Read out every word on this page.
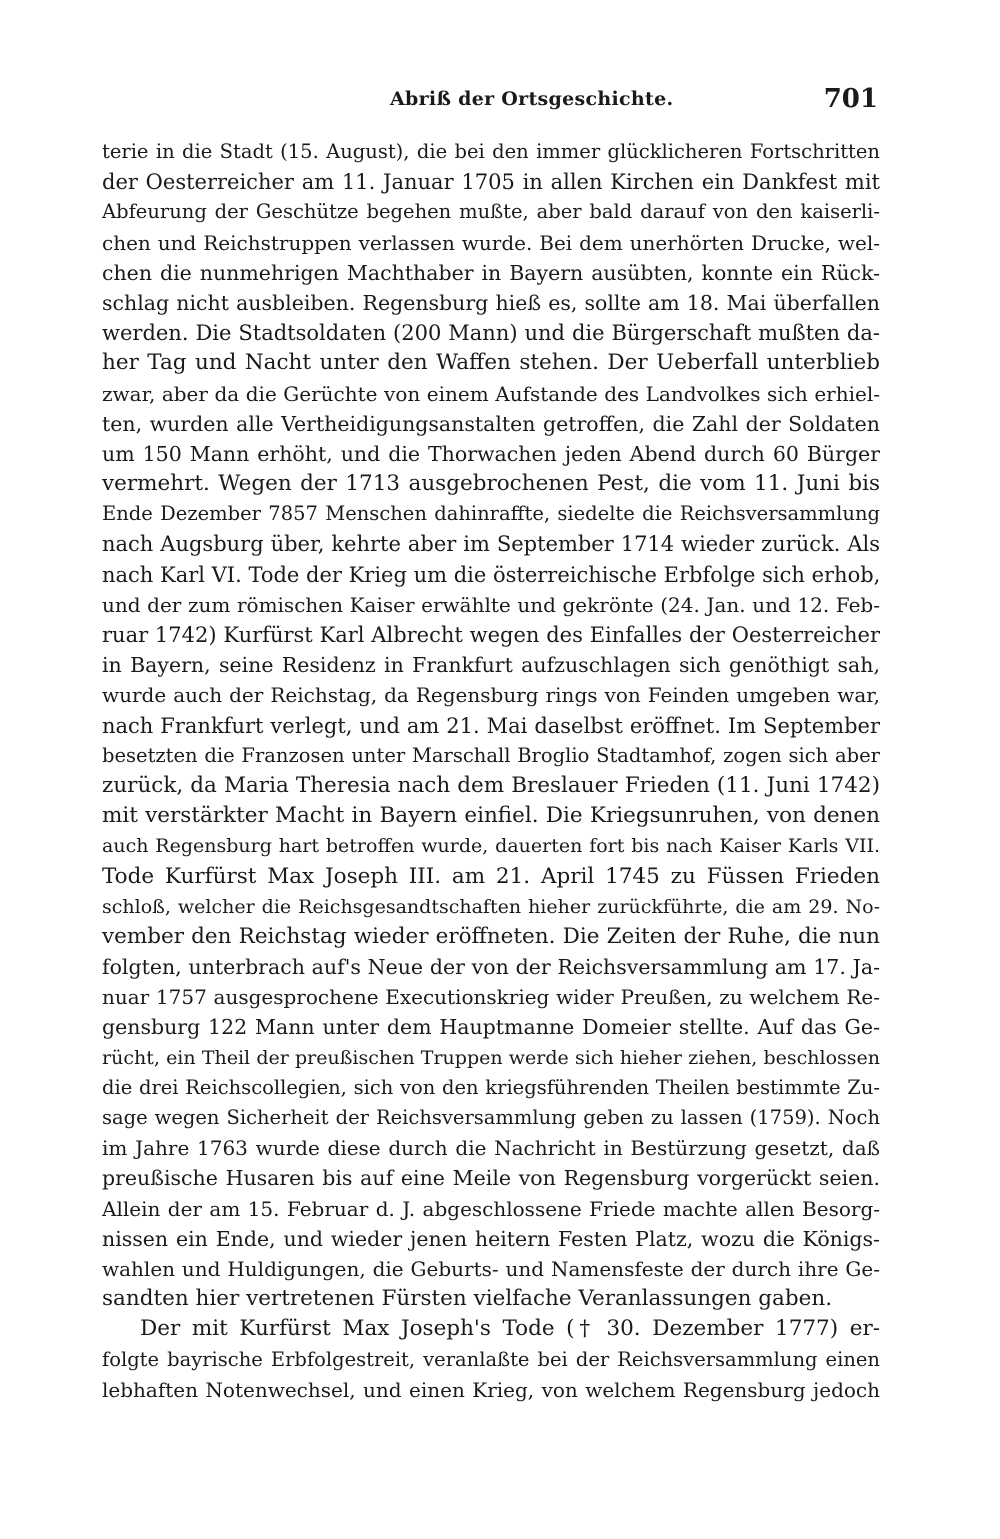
Abriß der Ortsgeschichte.	701
terie in die Stadt (15. August), die bei den immer glücklicheren Fortschritten
der Oesterreicher am 11. Januar 1705 in allen Kirchen ein Dankfest mit
Abfeurung der Geschütze begehen mußte, aber bald darauf von den kaiserli-
chen und Reichstruppen verlassen wurde. Bei dem unerhörten Drucke, wel-
chen die nunmehrigen Machthaber in Bayern ausübten, konnte ein Rück-
schlag nicht ausbleiben. Regensburg hieß es, sollte am 18. Mai überfallen
werden. Die Stadtsoldaten (200 Mann) und die Bürgerschaft mußten da-
her Tag und Nacht unter den Waffen stehen. Der Ueberfall unterblieb
zwar, aber da die Gerüchte von einem Aufstande des Landvolkes sich erhiel-
ten, wurden alle Vertheidigungsanstalten getroffen, die Zahl der Soldaten
um 150 Mann erhöht, und die Thorwachen jeden Abend durch 60 Bürger
vermehrt. Wegen der 1713 ausgebrochenen Pest, die vom 11. Juni bis
Ende Dezember 7857 Menschen dahinraffte, siedelte die Reichsversammlung
nach Augsburg über, kehrte aber im September 1714 wieder zurück. Als
nach Karl VI. Tode der Krieg um die österreichische Erbfolge sich erhob,
und der zum römischen Kaiser erwählte und gekrönte (24. Jan. und 12. Feb-
ruar 1742) Kurfürst Karl Albrecht wegen des Einfalles der Oesterreicher
in Bayern, seine Residenz in Frankfurt aufzuschlagen sich genöthigt sah,
wurde auch der Reichstag, da Regensburg rings von Feinden umgeben war,
nach Frankfurt verlegt, und am 21. Mai daselbst eröffnet. Im September
besetzten die Franzosen unter Marschall Broglio Stadtamhof, zogen sich aber
zurück, da Maria Theresia nach dem Breslauer Frieden (11. Juni 1742)
mit verstärkter Macht in Bayern einfiel. Die Kriegsunruhen, von denen
auch Regensburg hart betroffen wurde, dauerten fort bis nach Kaiser Karls VII.
Tode Kurfürst Max Joseph III. am 21. April 1745 zu Füssen Frieden
schloß, welcher die Reichsgesandtschaften hieher zurückführte, die am 29. No-
vember den Reichstag wieder eröffneten. Die Zeiten der Ruhe, die nun
folgten, unterbrach auf's Neue der von der Reichsversammlung am 17. Ja-
nuar 1757 ausgesprochene Executionskrieg wider Preußen, zu welchem Re-
gensburg 122 Mann unter dem Hauptmanne Domeier stellte. Auf das Ge-
rücht, ein Theil der preußischen Truppen werde sich hieher ziehen, beschlossen
die drei Reichscollegien, sich von den kriegsführenden Theilen bestimmte Zu-
sage wegen Sicherheit der Reichsversammlung geben zu lassen (1759). Noch
im Jahre 1763 wurde diese durch die Nachricht in Bestürzung gesetzt, daß
preußische Husaren bis auf eine Meile von Regensburg vorgerückt seien.
Allein der am 15. Februar d. J. abgeschlossene Friede machte allen Besorg-
nissen ein Ende, und wieder jenen heitern Festen Platz, wozu die Königs-
wahlen und Huldigungen, die Geburts- und Namensfeste der durch ihre Ge-
sandten hier vertretenen Fürsten vielfache Veranlassungen gaben.
Der mit Kurfürst Max Joseph's Tode († 30. Dezember 1777) er-
folgte bayrische Erbfolgestreit, veranlaßte bei der Reichsversammlung einen
lebhaften Notenwechsel, und einen Krieg, von welchem Regensburg jedoch
